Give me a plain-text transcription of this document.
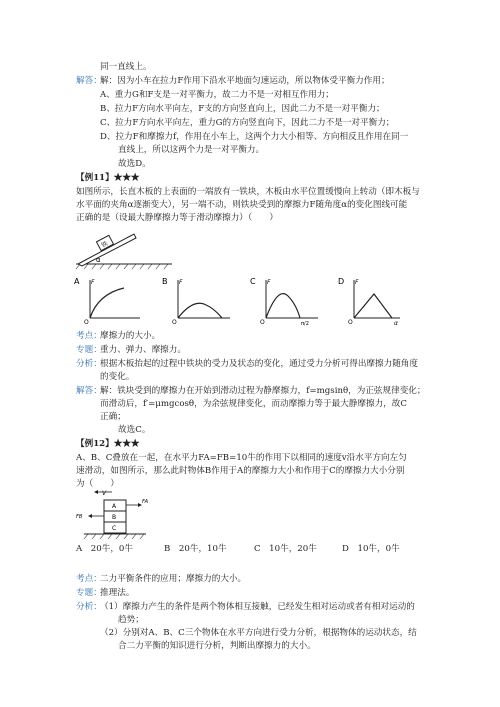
同一直线上。
解答：
解：因为小车在拉力F作用下沿水平地面匀速运动，所以物体受平衡力作用；
A、重力G和F支是一对平衡力，故二力不是一对相互作用力；
B、拉力F方向水平向左，F支的方向竖直向上，因此二力不是一对平衡力；
C、拉力F方向水平向左，重力G的方向竖直向下，因此二力不是一对平衡力；
D、拉力F和摩擦力f，作用在小车上，这两个力大小相等、方向相反且作用在同一
直线上，所以这两个力是一对平衡力。
故选D。
【例11】★★★
如图所示，长直木板的上表面的一端放有一铁块，木板由水平位置缓慢向上转动（即木板与
水平面的夹角α逐渐变大），另一端不动，则铁块受到的摩擦力F随角度α的变化图线可能
正确的是（设最大静摩擦力等于滑动摩擦力）（　　）
铁
α
A F
O
B F
O
C F
O	π/2
D F
O	α
考点：
摩擦力的大小。
专题：
重力、弹力、摩擦力。
分析：
根据木板抬起的过程中铁块的受力及状态的变化，通过受力分析可得出摩擦力随角度
的变化。
解答：
解：铁块受到的摩擦力在开始到滑动过程为静摩擦力，f=mgsinθ，为正弦规律变化；
而滑动后，f′=μmgcosθ，为余弦规律变化，而动摩擦力等于最大静摩擦力，故C
正确；
故选C。
【例12】★★★
A、B、C叠放在一起，在水平力FA=FB=10牛的作用下以相同的速度v沿水平方向左匀
速滑动，如图所示，那么此时物体B作用于A的摩擦力大小和作用于C的摩擦力大小分别
为（　　）
V
A
FA
B
FB
C
A　20牛，0牛	B　20牛，10牛	C　10牛，20牛	D　10牛，0牛
考点：
二力平衡条件的应用；摩擦力的大小。
专题：
推理法。
分析：
（1）摩擦力产生的条件是两个物体相互接触，已经发生相对运动或者有相对运动的
趋势；
（2）分别对A、B、C三个物体在水平方向进行受力分析，根据物体的运动状态，结
合二力平衡的知识进行分析，判断出摩擦力的大小。
